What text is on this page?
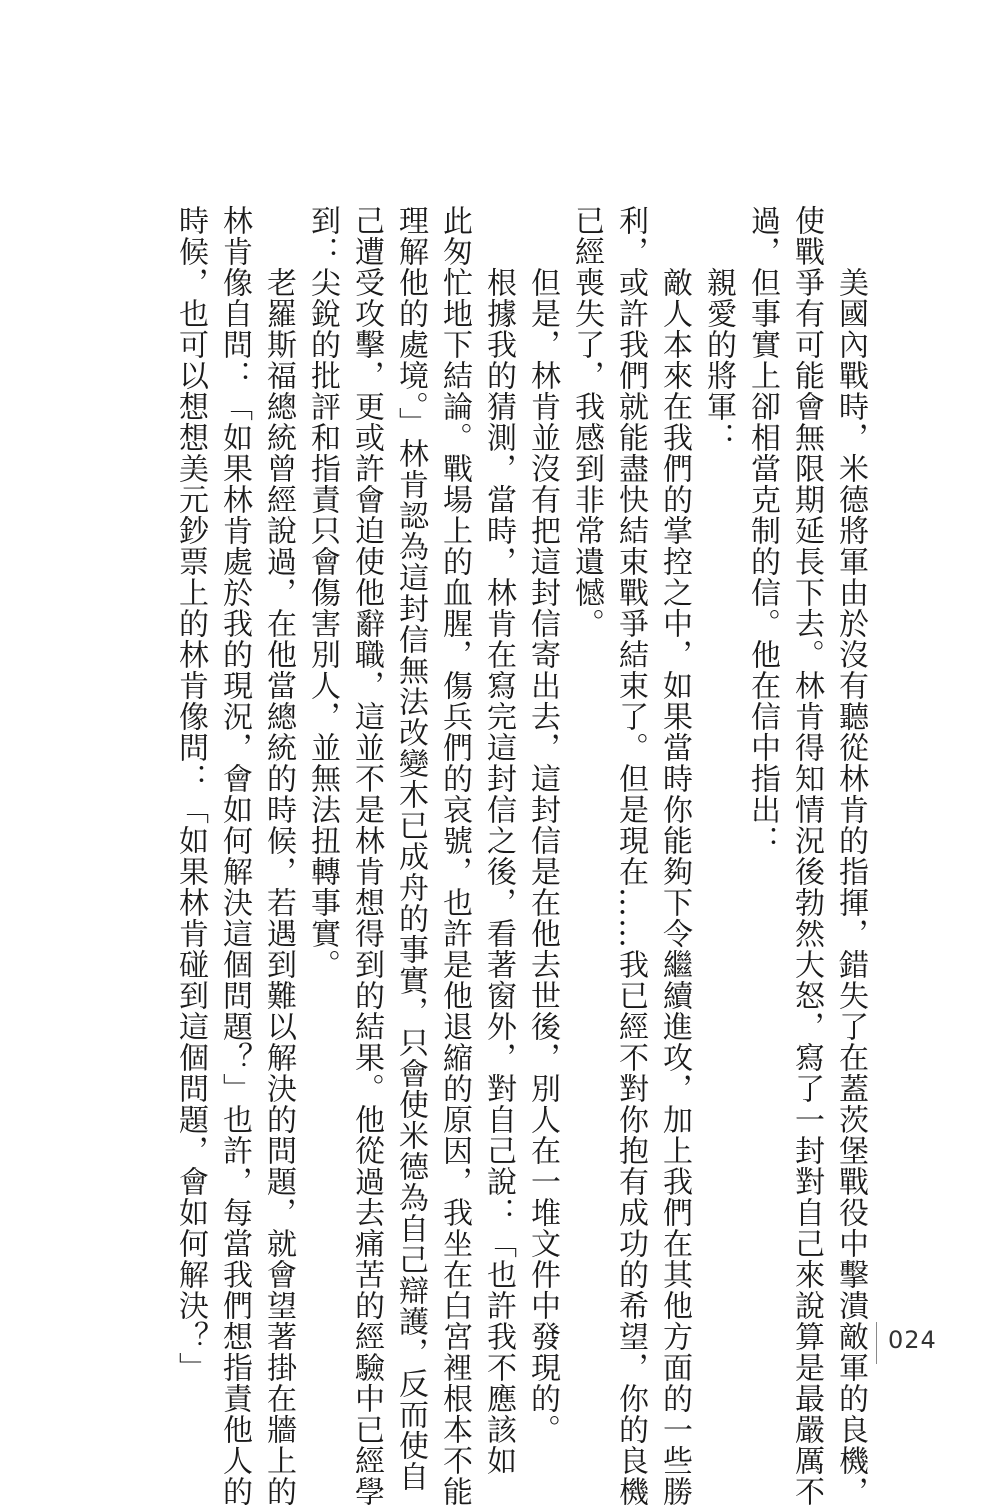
美國內戰時，米德將軍由於沒有聽從林肯的指揮，錯失了在蓋茨堡戰役中擊潰敵軍的良機，

使戰爭有可能會無限期延長下去。林肯得知情況後勃然大怒，寫了一封對自己來說算是最嚴厲不

過，但事實上卻相當克制的信。他在信中指出：

親愛的將軍：

敵人本來在我們的掌控之中，如果當時你能夠下令繼續進攻，加上我們在其他方面的一些勝

利，或許我們就能盡快結束戰爭結束了。但是現在……我已經不對你抱有成功的希望，你的良機

已經喪失了，我感到非常遺憾。

但是，林肯並沒有把這封信寄出去，這封信是在他去世後，別人在一堆文件中發現的。

根據我的猜測，當時，林肯在寫完這封信之後，看著窗外，對自己說：「也許我不應該如

此匆忙地下結論。戰場上的血腥，傷兵們的哀號，也許是他退縮的原因，我坐在白宮裡根本不能

理解他的處境。」林肯認為這封信無法改變木已成舟的事實，只會使米德為自己辯護，反而使自

己遭受攻擊，更或許會迫使他辭職，這並不是林肯想得到的結果。他從過去痛苦的經驗中已經學

到：尖銳的批評和指責只會傷害別人，並無法扭轉事實。

老羅斯福總統曾經說過，在他當總統的時候，若遇到難以解決的問題，就會望著掛在牆上的

林肯像自問：「如果林肯處於我的現況，會如何解決這個問題？」也許，每當我們想指責他人的

時候，也可以想想美元鈔票上的林肯像問：「如果林肯碰到這個問題，會如何解決？」	024
